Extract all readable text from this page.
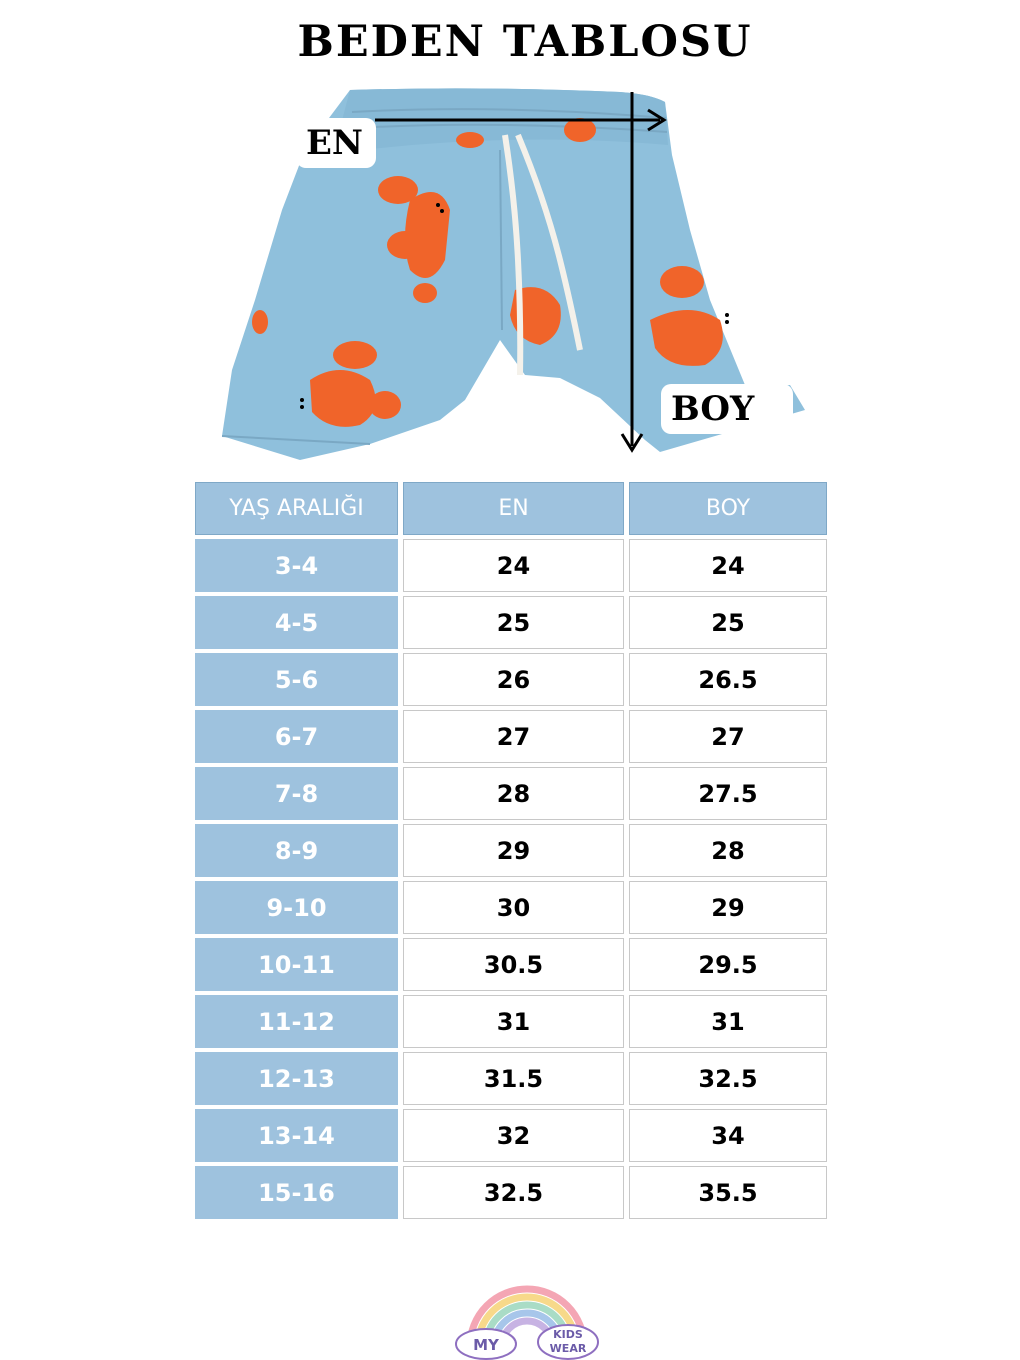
BEDEN TABLOSU
EN
BOY
YAŞ ARALIĞI	EN	BOY
3-4	24	24
4-5	25	25
5-6	26	26.5
6-7	27	27
7-8	28	27.5
8-9	29	28
9-10	30	29
10-11	30.5	29.5
11-12	31	31
12-13	31.5	32.5
13-14	32	34
15-16	32.5	35.5
MY
KIDS
WEAR
